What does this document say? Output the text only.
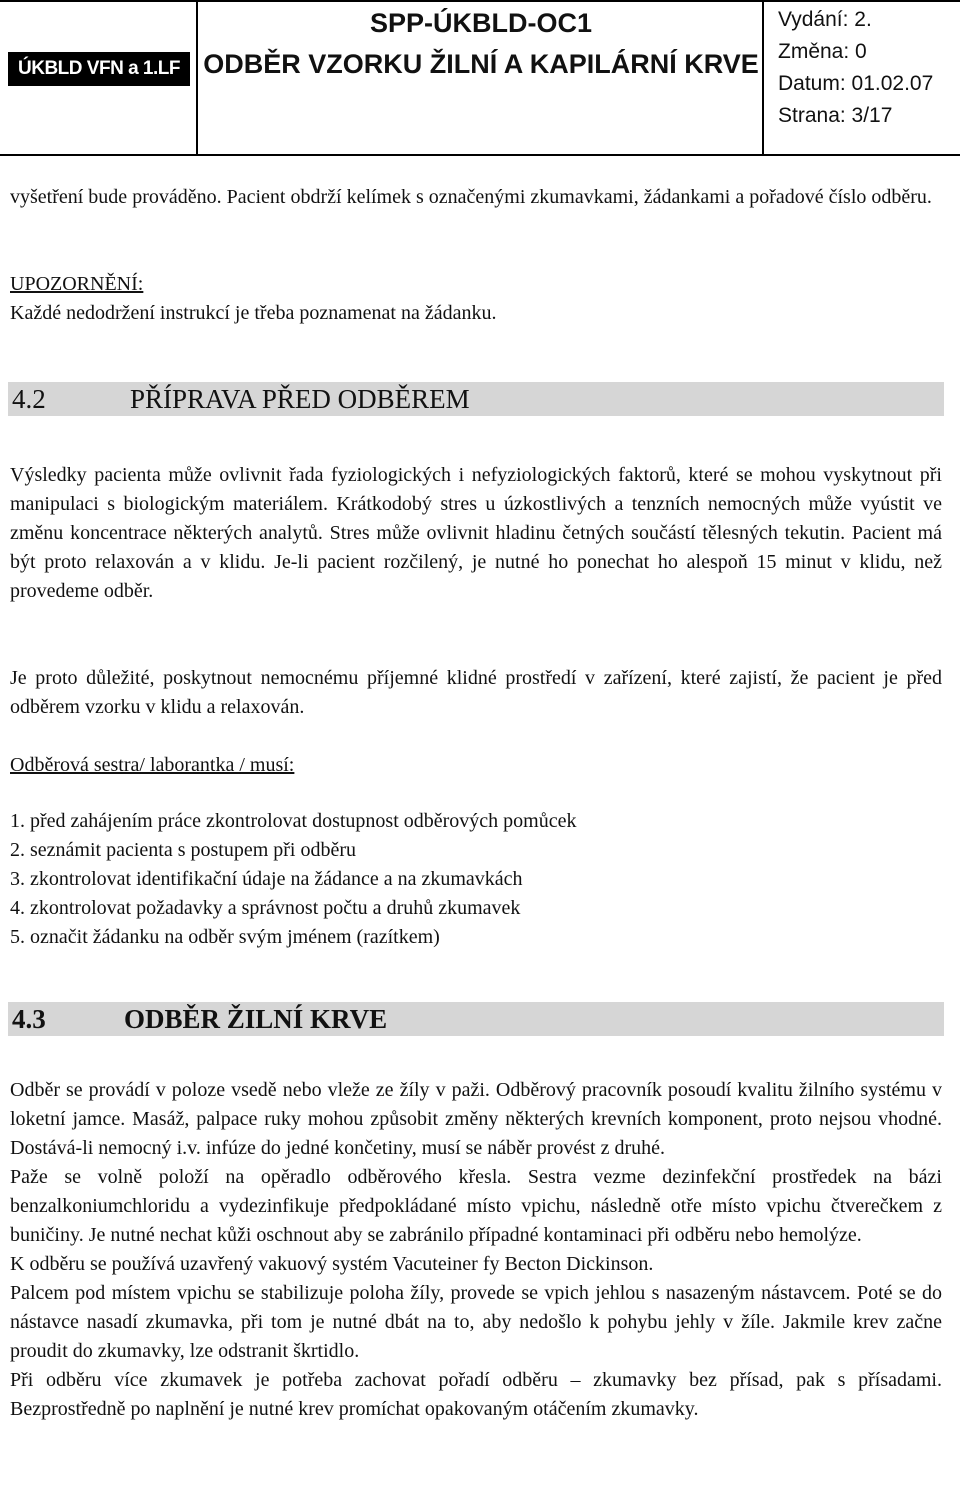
ÚKBLD VFN a 1.LF UK
SPP-ÚKBLD-OC1
ODBĚR VZORKU ŽILNÍ A KAPILÁRNÍ KRVE
Vydání: 2.
Změna: 0
Datum: 01.02.07
Strana: 3/17
vyšetření bude prováděno. Pacient obdrží kelímek s označenými zkumavkami, žádankami a pořadové číslo odběru.
UPOZORNĚNÍ:
Každé nedodržení instrukcí je třeba poznamenat na žádanku.
4.2	PŘÍPRAVA PŘED ODBĚREM
Výsledky pacienta může ovlivnit řada fyziologických i nefyziologických faktorů, které se mohou vyskytnout při manipulaci s biologickým materiálem. Krátkodobý stres u úzkostlivých a tenzních nemocných může vyústit ve změnu koncentrace některých analytů. Stres může ovlivnit hladinu četných součástí tělesných tekutin. Pacient má být proto relaxován a v klidu. Je-li pacient rozčilený, je nutné ho ponechat ho alespoň 15 minut v klidu, než provedeme odběr.
Je proto důležité, poskytnout nemocnému příjemné klidné prostředí v zařízení, které zajistí, že pacient je před odběrem vzorku v klidu a relaxován.
Odběrová sestra/ laborantka / musí:

1. před zahájením práce zkontrolovat dostupnost odběrových pomůcek

2. seznámit pacienta s postupem při odběru

3. zkontrolovat identifikační údaje na žádance a na zkumavkách

4. zkontrolovat požadavky a správnost počtu a druhů zkumavek

5. označit žádanku na odběr svým jménem (razítkem)

4.3	ODBĚR ŽILNÍ KRVE

Odběr se provádí v poloze vsedě nebo vleže ze žíly v paži. Odběrový pracovník posoudí kvalitu žilního systému v loketní jamce. Masáž, palpace ruky mohou způsobit změny některých krevních komponent, proto nejsou vhodné. Dostává-li nemocný i.v. infúze do jedné končetiny, musí se náběr provést z druhé.

Paže se volně položí na opěradlo odběrového křesla. Sestra vezme dezinfekční prostředek na bázi benzalkoniumchloridu a vydezinfikuje předpokládané místo vpichu, následně otře místo vpichu čtverečkem z buničiny. Je nutné nechat kůži oschnout aby se zabránilo případné kontaminaci při odběru nebo hemolýze.

K odběru se používá uzavřený vakuový systém Vacuteiner fy Becton Dickinson.

Palcem pod místem vpichu se stabilizuje poloha žíly, provede se vpich jehlou s nasazeným nástavcem. Poté se do nástavce nasadí zkumavka, při tom je nutné dbát na to, aby nedošlo k pohybu jehly v žíle. Jakmile krev začne proudit do zkumavky, lze odstranit škrtidlo.

Při odběru více zkumavek je potřeba zachovat pořadí odběru – zkumavky bez přísad, pak s přísadami. Bezprostředně po naplnění je nutné krev promíchat opakovaným otáčením zkumavky.
